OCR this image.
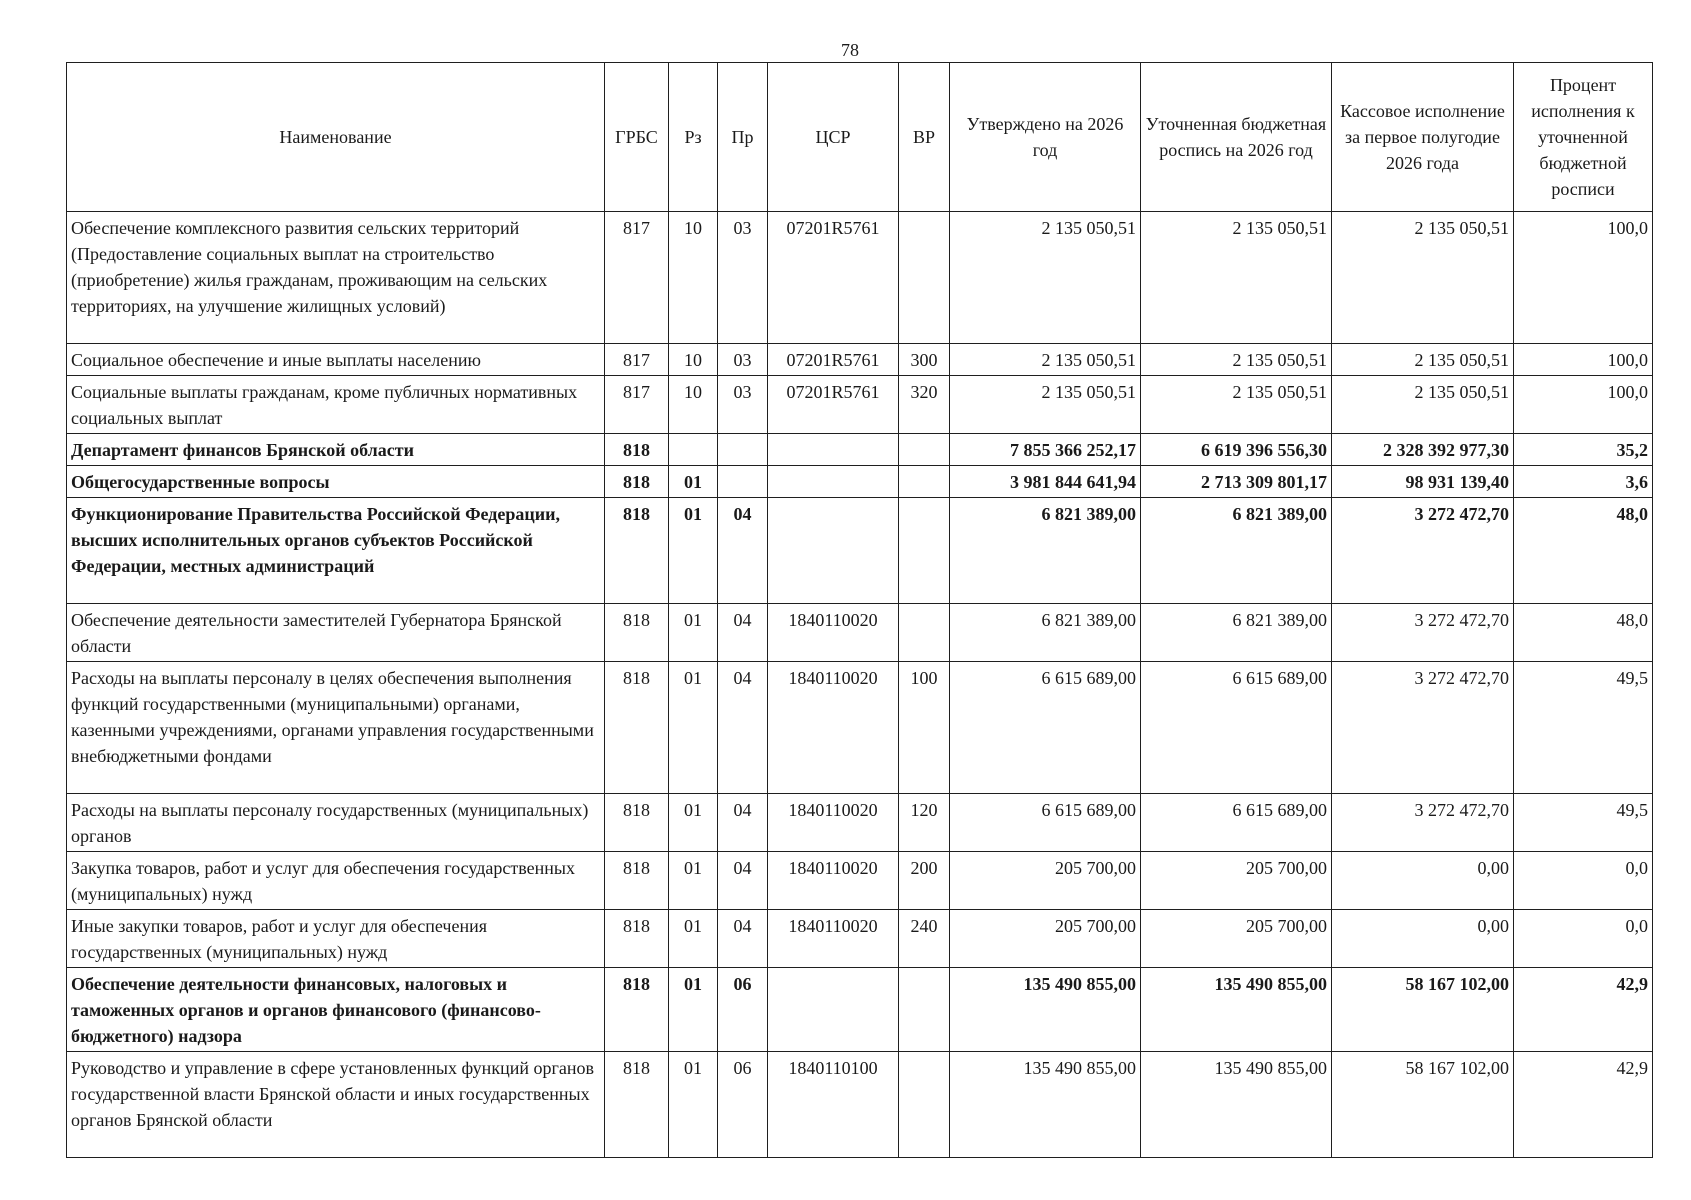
78
Наименование	ГРБС	Рз	Пр	ЦСР	ВР	Утверждено на 2026 год	Уточненная бюджетная роспись на 2026 год	Кассовое исполнение за первое полугодие 2026 года	Процент исполнения к уточненной бюджетной росписи
Обеспечение комплексного развития сельских территорий (Предоставление социальных выплат на строительство (приобретение) жилья гражданам, проживающим на сельских территориях, на улучшение жилищных условий)	817	10	03	07201R5761		2 135 050,51	2 135 050,51	2 135 050,51	100,0
Социальное обеспечение и иные выплаты населению	817	10	03	07201R5761	300	2 135 050,51	2 135 050,51	2 135 050,51	100,0
Социальные выплаты гражданам, кроме публичных нормативных социальных выплат	817	10	03	07201R5761	320	2 135 050,51	2 135 050,51	2 135 050,51	100,0
Департамент финансов Брянской области	818					7 855 366 252,17	6 619 396 556,30	2 328 392 977,30	35,2
Общегосударственные вопросы	818	01				3 981 844 641,94	2 713 309 801,17	98 931 139,40	3,6
Функционирование Правительства Российской Федерации, высших исполнительных органов субъектов Российской Федерации, местных администраций	818	01	04			6 821 389,00	6 821 389,00	3 272 472,70	48,0
Обеспечение деятельности заместителей Губернатора Брянской области	818	01	04	1840110020		6 821 389,00	6 821 389,00	3 272 472,70	48,0
Расходы на выплаты персоналу в целях обеспечения выполнения функций государственными (муниципальными) органами, казенными учреждениями, органами управления государственными внебюджетными фондами	818	01	04	1840110020	100	6 615 689,00	6 615 689,00	3 272 472,70	49,5
Расходы на выплаты персоналу государственных (муниципальных) органов	818	01	04	1840110020	120	6 615 689,00	6 615 689,00	3 272 472,70	49,5
Закупка товаров, работ и услуг для обеспечения государственных (муниципальных) нужд	818	01	04	1840110020	200	205 700,00	205 700,00	0,00	0,0
Иные закупки товаров, работ и услуг для обеспечения государственных (муниципальных) нужд	818	01	04	1840110020	240	205 700,00	205 700,00	0,00	0,0
Обеспечение деятельности финансовых, налоговых и таможенных органов и органов финансового (финансово-бюджетного) надзора	818	01	06			135 490 855,00	135 490 855,00	58 167 102,00	42,9
Руководство и управление в сфере установленных функций органов государственной власти Брянской области и иных государственных органов Брянской области	818	01	06	1840110100		135 490 855,00	135 490 855,00	58 167 102,00	42,9
